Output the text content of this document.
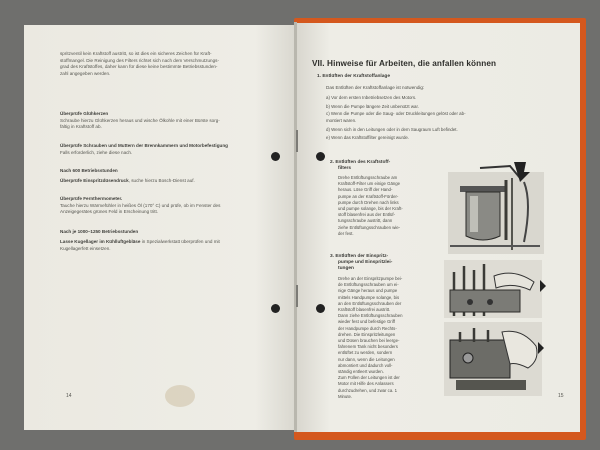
spritzventil kein Kraftstoff austritt, so ist dies ein sicheres Zeichen für Kraft-

stoffmangel. Die Reinigung des Filters richtet sich nach dem Verschmutzungs-

grad des Kraftstoffes, daher kann für diese keine bestimmte Betriebsstunden-

zahl angegeben werden.

Überprüfe Glühkerzen

Schraube hierzu Glühkerzen heraus und wische Ölkohle mit einer Bürste sorg-

fältig in Kraftstoff ab.

Überprüfe Schrauben und Muttern der Brennkammern und Motorbefestigung

Falls erforderlich, ziehe diese nach.

Nach 600 Betriebsstunden

Überprüfe Einspritzdüsendruck, suche hierzu Bosch-Dienst auf.

Überprüfe Fernthermometer.

Tauche hierzu Wärmefühler in heißes Öl (170° C) und prüfe, ob im Fenster des

Anzeigegerätes grünes Feld in Erscheinung tritt.

Nach je 1000–1250 Betriebsstunden

Lasse Kugellager im Kühlluftgebläse in Spezialwerkstatt überprüfen und mit

Kugellagerfett einsetzen.

14
VII. Hinweise für Arbeiten, die anfallen können
1. Entlüften der Kraftstoffanlage
Das Entlüften der Kraftstoffanlage ist notwendig:
a) Vor dem ersten Inbetriebsetzen des Motors.
b) Wenn die Pumpe längere Zeit unbenützt war.
c) Wenn die Pumpe oder die Saug- oder Druckleitungen gelöst oder ab-
montiert waren.
d) Wenn sich in den Leitungen oder in dem Saugraum Luft befindet.
e) Wenn das Kraftstoffilter gereinigt wurde.
2. Entlüften des Kraftstoff-
filters
Drehe Entlüftungsschraube am
Kraftstoff-Filter um einige Gänge
heraus. Löse Griff der Hand-
pumpe an der Kraftstoff-Förder-
pumpe durch Drehen nach links
und pumpe solange, bis der Kraft-
stoff blasenfrei aus der Entlüf-
tungsschraube austritt, dann
ziehe Entlüftungsschrauben wie-
der fest.
3. Entlüften der Einspritz-
pumpe und Einspritzlei-
tungen
Drehe an der Einspritzpumpe bei-
de Entlüftungsschrauben um ei-
nige Gänge heraus und pumpe
mittels Handpumpe solange, bis
an den Entlüftungsschrauben der
Kraftstoff blasenfrei austritt.
Dann ziehe Entlüftungsschrauben
wieder fest und befestige Griff
der Handpumpe durch Rechts-
drehen. Die Einspritzleitungen
und Düsen brauchen bei leerge-
fahrenem Tank nicht besonders
entlüftet zu werden, sondern
nur dann, wenn die Leitungen
abmontiert und dadurch voll-
ständig entleert wurden.
Zum Füllen der Leitungen ist der
Motor mit Hilfe des Anlassers
durchzudrehen, und zwar ca. 1
Minute.	15
